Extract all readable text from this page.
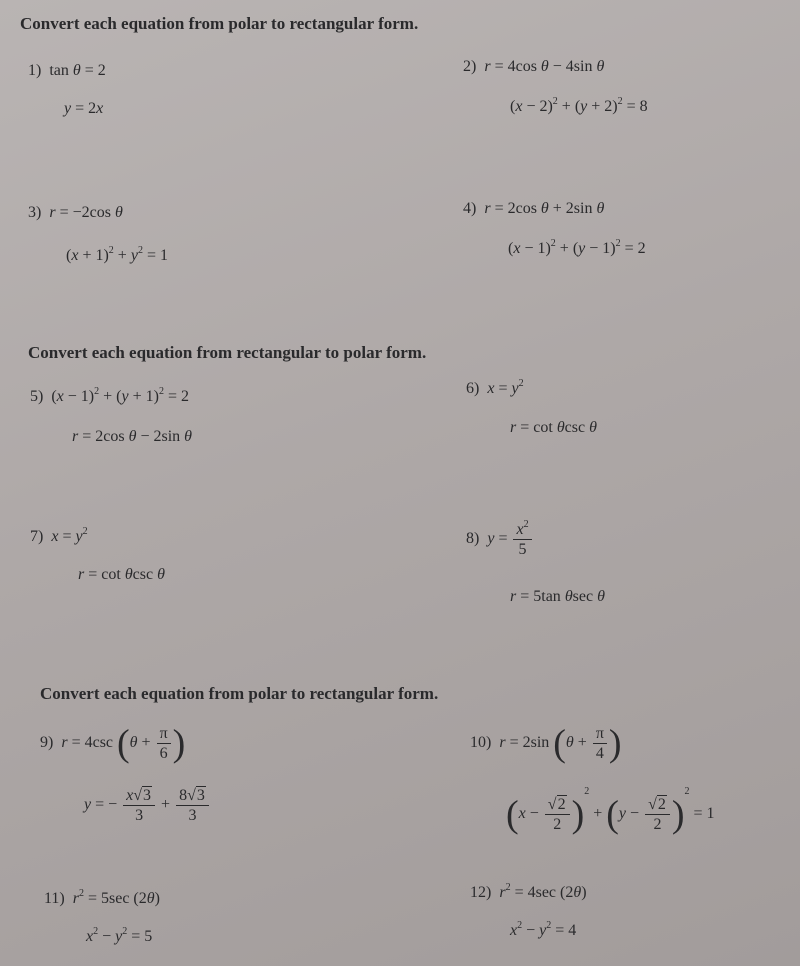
Convert each equation from polar to rectangular form.
1) tan θ = 2
y = 2x
2) r = 4cos θ − 4sin θ
$(x - 2)^2 + (y + 2)^2 = 8$
3) r = −2cos θ
$(x + 1)^2 + y^2 = 1$
4) r = 2cos θ + 2sin θ
$(x - 1)^2 + (y - 1)^2 = 2$
Convert each equation from rectangular to polar form.
5) $(x - 1)^2 + (y + 1)^2 = 2$
r = 2cos θ − 2sin θ
6) $x = y^2$
r = cot θcsc θ
7) $x = y^2$
r = cot θcsc θ
8) $y = \frac{x^2}{5}$
r = 5tan θsec θ
Convert each equation from polar to rectangular form.
9) r = 4csc ($\theta + \frac{\pi}{6}$ )
y = − $\frac{x√3}{3} + \frac{8√3}{3}$
10) r = 2sin ($\theta + \frac{\pi}{4}$ )
$(x - \frac{√2}{2} )^2 + (y - \frac{√2}{2} )^2 = 1$
11) $r^2 = 5\sec$ (2θ)
$x^2 - y^2 = 5$
12) $r^2 = 4\sec$ (2θ)
$x^2 - y^2 = 4$
